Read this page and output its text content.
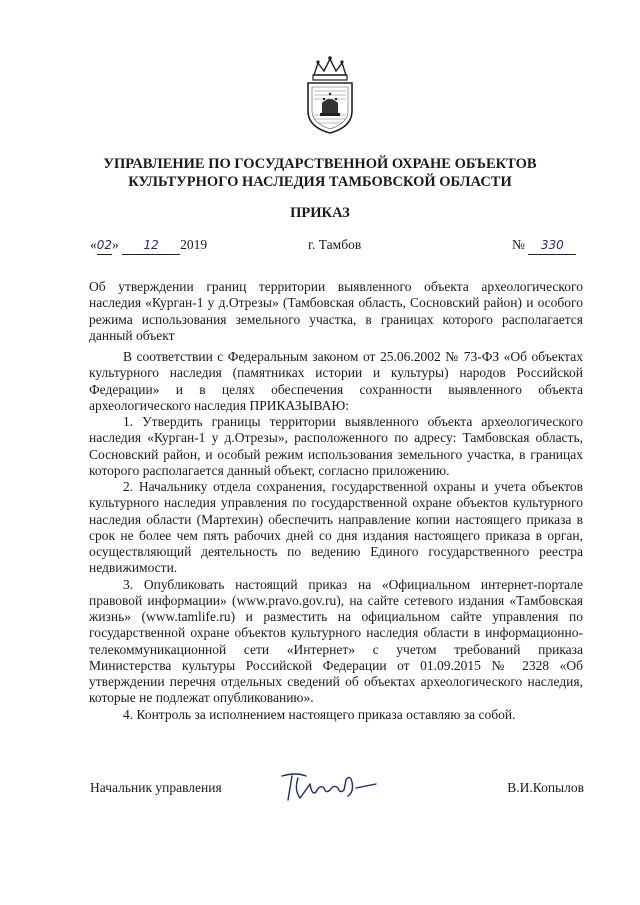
УПРАВЛЕНИЕ ПО ГОСУДАРСТВЕННОЙ ОХРАНЕ ОБЪЕКТОВ
КУЛЬТУРНОГО НАСЛЕДИЯ ТАМБОВСКОЙ ОБЛАСТИ
ПРИКАЗ
«02» 12 2019	г. Тамбов	№ 330
Об утверждении границ территории выявленного объекта археологического наследия «Курган-1 у д.Отрезы» (Тамбовская область, Сосновский район) и особого режима использования земельного участка, в границах которого располагается данный объект

В соответствии с Федеральным законом от 25.06.2002 № 73-ФЗ «Об объектах культурного наследия (памятниках истории и культуры) народов Российской Федерации» и в целях обеспечения сохранности выявленного объекта археологического наследия ПРИКАЗЫВАЮ:

1. Утвердить границы территории выявленного объекта археологического наследия «Курган-1 у д.Отрезы», расположенного по адресу: Тамбовская область, Сосновский район, и особый режим использования земельного участка, в границах которого располагается данный объект, согласно приложению.

2. Начальнику отдела сохранения, государственной охраны и учета объектов культурного наследия управления по государственной охране объектов культурного наследия области (Мартехин) обеспечить направление копии настоящего приказа в срок не более чем пять рабочих дней со дня издания настоящего приказа в орган, осуществляющий деятельность по ведению Единого государственного реестра недвижимости.

3. Опубликовать настоящий приказ на «Официальном интернет-портале правовой информации» (www.pravo.gov.ru), на сайте сетевого издания «Тамбовская жизнь» (www.tamlife.ru) и разместить на официальном сайте управления по государственной охране объектов культурного наследия области в информационно-телекоммуникационной сети «Интернет» с учетом требований приказа Министерства культуры Российской Федерации от 01.09.2015 № 2328 «Об утверждении перечня отдельных сведений об объектах археологического наследия, которые не подлежат опубликованию».

4. Контроль за исполнением настоящего приказа оставляю за собой.

Начальник управления	В.И.Копылов
